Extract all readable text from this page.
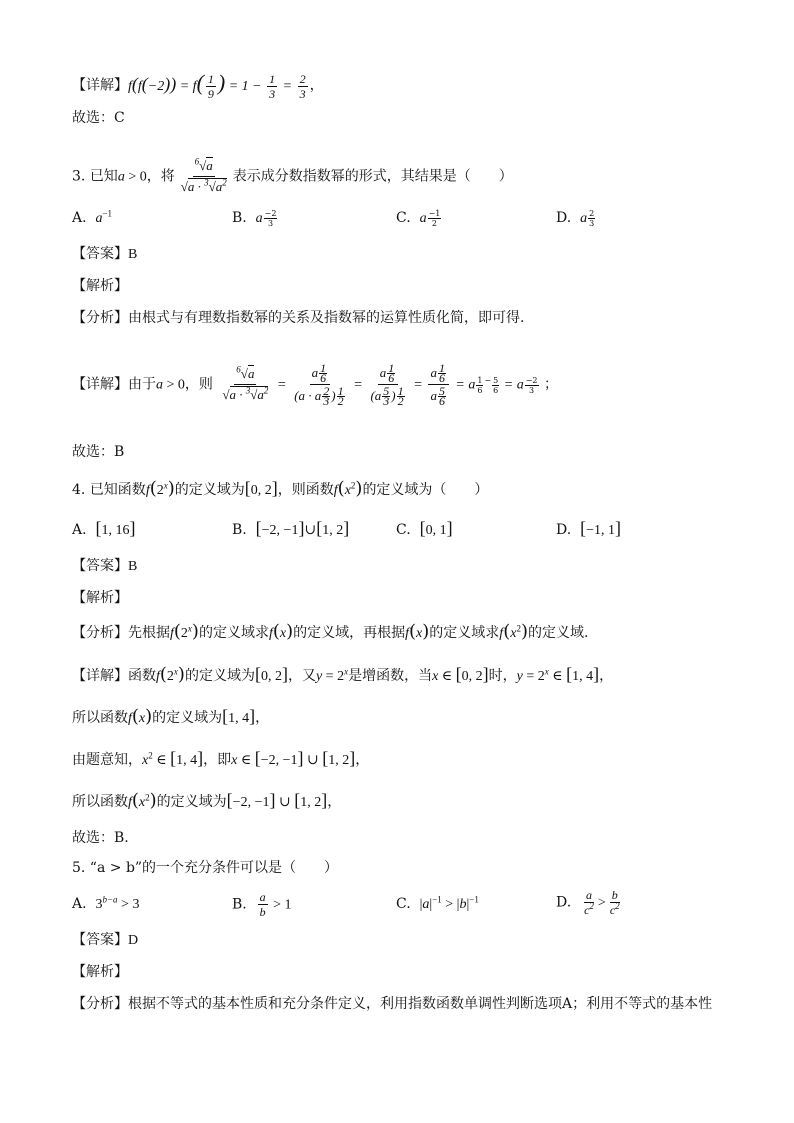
【详解】$f(f(-2)) = f( \frac{1}{9}$ ) = $1 - \frac{1}{3} = \frac{2}{3}$ ，
故选：C
3. 已知a > 0，将 $\frac{^6√a}{√a \cdot ^3√a^2}$ 表示成分数指数幂的形式，其结果是（　　）
A. $a^{-1}$	B. a $\frac{-2}{3}$	C. a $\frac{-1}{2}$	D. a $\frac{2}{3}$
【答案】B
【解析】
【分析】由根式与有理数指数幂的关系及指数幂的运算性质化简，即可得.
【详解】由于a > 0，则 $\frac{^6√a}{√a \cdot ^3√a^2} = \frac{a \frac{1}{6}}{(a \cdot a \frac{2}{3} ) \frac{1}{2}} = \frac{a \frac{1}{6}}{(a \frac{5}{3} ) \frac{1}{2}} = \frac{a \frac{1}{6}}{a \frac{5}{6}} = a \frac{1}{6} ^- \frac{5}{6} = a \frac{-2}{3}$ ；
故选：B
4. 已知函数f(2$^x$)的定义域为[0, 2]，则函数$f(x^2)$的定义域为（　　）
A. [1, 16]	B. [−2, −1]∪[1, 2]	C. [0, 1]	D. [−1, 1]
【答案】B
【解析】
【分析】先根据f(2$^x$)的定义域求f(x)的定义域，再根据f(x)的定义域求$f(x^2)$的定义域.
【详解】函数f(2$^x$)的定义域为[0, 2]，又$y = 2^x$是增函数，当x ∈ [0, 2]时，$y = 2^x$ ∈ [1, 4]，
所以函数f(x)的定义域为[1, 4]，
由题意知，$x^2$ ∈ [1, 4]，即x ∈ [−2, −1] ∪ [1, 2]，
所以函数$f(x^2)$的定义域为[−2, −1] ∪ [1, 2]，
故选：B.
5. “a > b”的一个充分条件可以是（　　）
A. $3^{b-a} > 3$	B. $\frac{a}{b} > 1$	C. $|a|^{-1} > |b|^{-1}$	D. $\frac{a}{c^2} > \frac{b}{c^2}$
【答案】D
【解析】
【分析】根据不等式的基本性质和充分条件定义，利用指数函数单调性判断选项A；利用不等式的基本性
